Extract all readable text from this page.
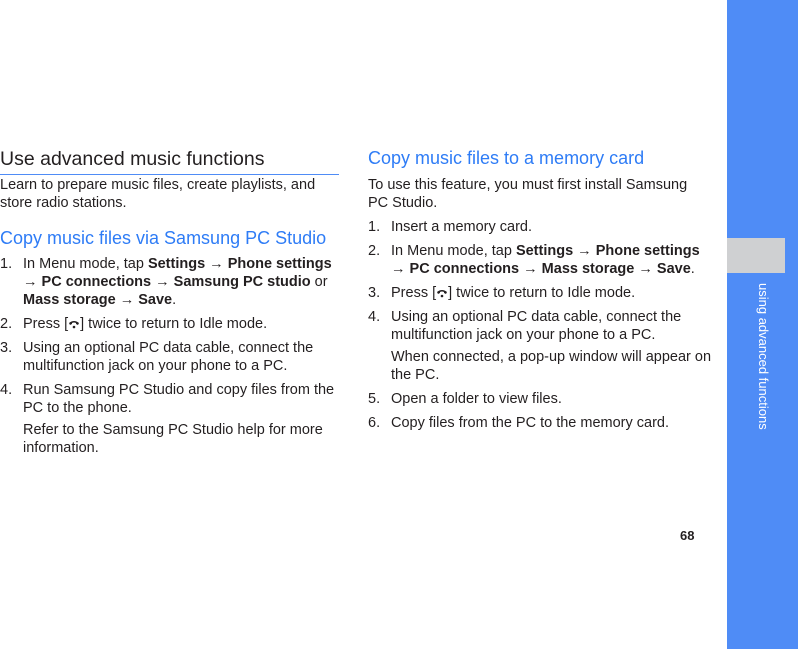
using advanced functions
68
Use advanced music functions

Learn to prepare music files, create playlists, and store radio stations.

Copy music files via Samsung PC Studio
1. In Menu mode, tap Settings → Phone settings
→ PC connections → Samsung PC studio or
Mass storage → Save.
2. Press [ ] twice to return to Idle mode.
3. Using an optional PC data cable, connect the multifunction jack on your phone to a PC.
4. Run Samsung PC Studio and copy files from the PC to the phone.
Refer to the Samsung PC Studio help for more information.
Copy music files to a memory card

To use this feature, you must first install Samsung PC Studio.

1. Insert a memory card.
2. In Menu mode, tap Settings → Phone settings
→ PC connections → Mass storage → Save.
3. Press [ ] twice to return to Idle mode.
4. Using an optional PC data cable, connect the multifunction jack on your phone to a PC.
When connected, a pop-up window will appear on the PC.
5. Open a folder to view files.
6. Copy files from the PC to the memory card.
